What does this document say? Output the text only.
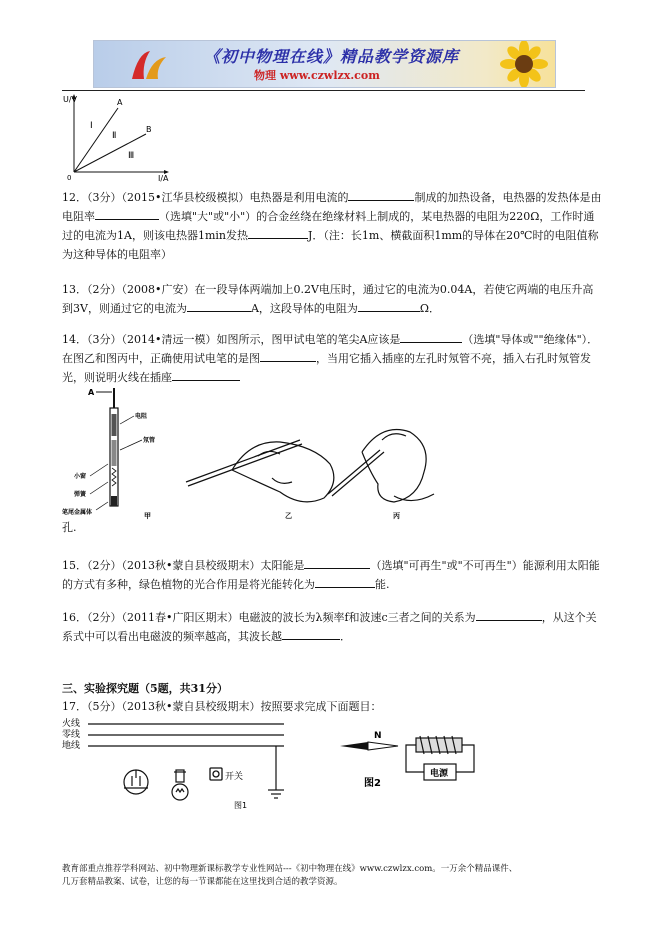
《初中物理在线》精品教学资源库
物理 www.czwlzx.com
U/V
I/A
A
B
Ⅰ
Ⅱ
Ⅲ
0
12．（3分）（2015•江华县校级模拟）电热器是利用电流的	制成的加热设备，电热器的发热体是由电阻率	（选填"大"或"小"）的合金丝绕在绝缘材料上制成的，某电热器的电阻为220Ω，工作时通过的电流为1A，则该电热器1min发热	J．（注：长1m、横截面积1mm的导体在20℃时的电阻值称为这种导体的电阻率）
13．（2分）（2008•广安）在一段导体两端加上0.2V电压时，通过它的电流为0.04A，若使它两端的电压升高到3V，则通过它的电流为	A，这段导体的电阻为	Ω．
14．（3分）（2014•清远一模）如图所示，图甲试电笔的笔尖A应该是	（选填"导体或""绝缘体"）．在图乙和图丙中，正确使用试电笔的是图	，当用它插入插座的左孔时氖管不亮，插入右孔时氖管发光，则说明火线在插座
A
电阻
氖管
小窗
弹簧
笔尾金属体	甲	乙	丙
孔.
15．（2分）（2013秋•蒙自县校级期末）太阳能是	（选填"可再生"或"不可再生"）能源利用太阳能的方式有多种，绿色植物的光合作用是将光能转化为	能.
16．（2分）（2011春•广阳区期末）电磁波的波长为λ频率f和波速c三者之间的关系为	，从这个关系式中可以看出电磁波的频率越高，其波长越	．
三、实验探究题（5题，共31分）
17．（5分）（2013秋•蒙自县校级期末）按照要求完成下面题目：
火线
零线
地线
开关
图1
N
电源
图2
教育部重点推荐学科网站、初中物理新课标教学专业性网站---《初中物理在线》www.czwlzx.com。一万余个精品课件、
几万套精品教案、试卷，让您的每一节课都能在这里找到合适的教学资源。
